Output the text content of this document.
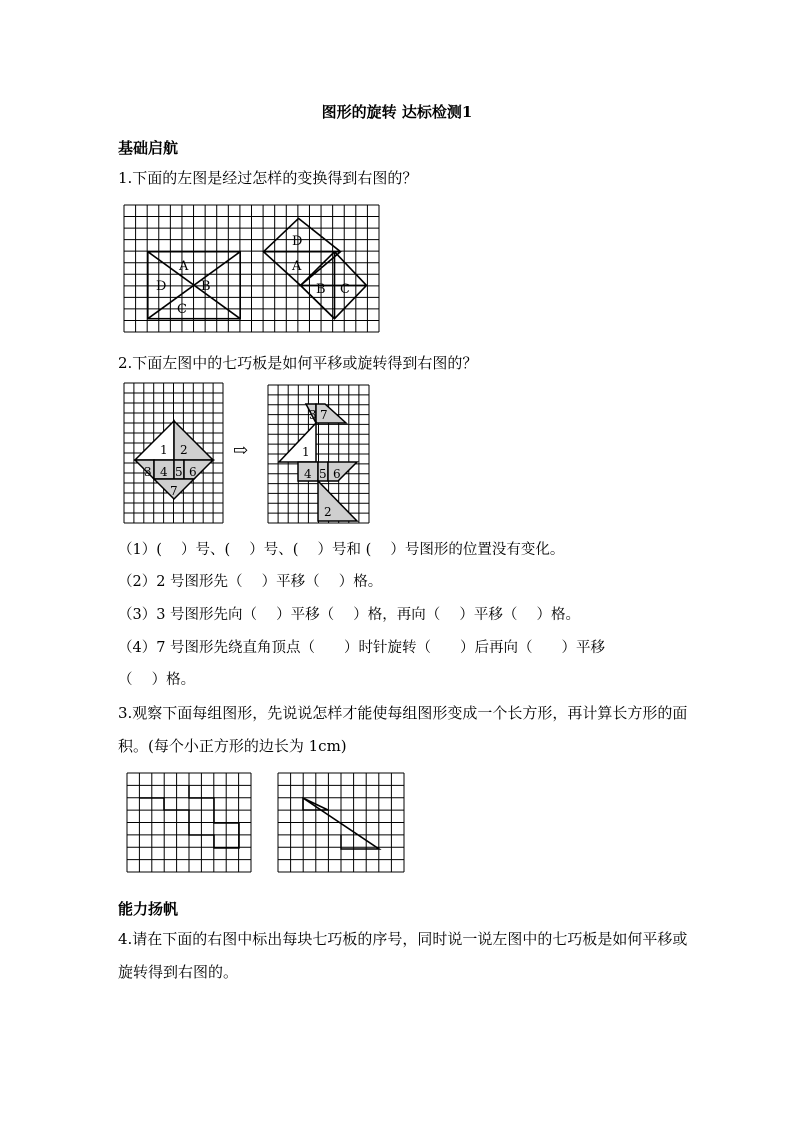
图形的旋转 达标检测1
基础启航
1.下面的左图是经过怎样的变换得到右图的？
A
B
C
D
D
A
B C
2.下面左图中的七巧板是如何平移或旋转得到右图的？
1 2
3 4 5 6
7
⇨
3 7
1
4 5 6
2
（1）(　 ）号、(　 ）号、(　 ）号和 (　 ）号图形的位置没有变化。
（2）2 号图形先（　 ）平移（　 ）格。
（3）3 号图形先向（　 ）平移（　 ）格，再向（　 ）平移（　 ）格。
（4）7 号图形先绕直角顶点（　　）时针旋转（　　）后再向（　　）平移
（　 ）格。
3.观察下面每组图形，先说说怎样才能使每组图形变成一个长方形，再计算长方形的面积。(每个小正方形的边长为 1cm)
能力扬帆
4.请在下面的右图中标出每块七巧板的序号，同时说一说左图中的七巧板是如何平移或旋转得到右图的。
